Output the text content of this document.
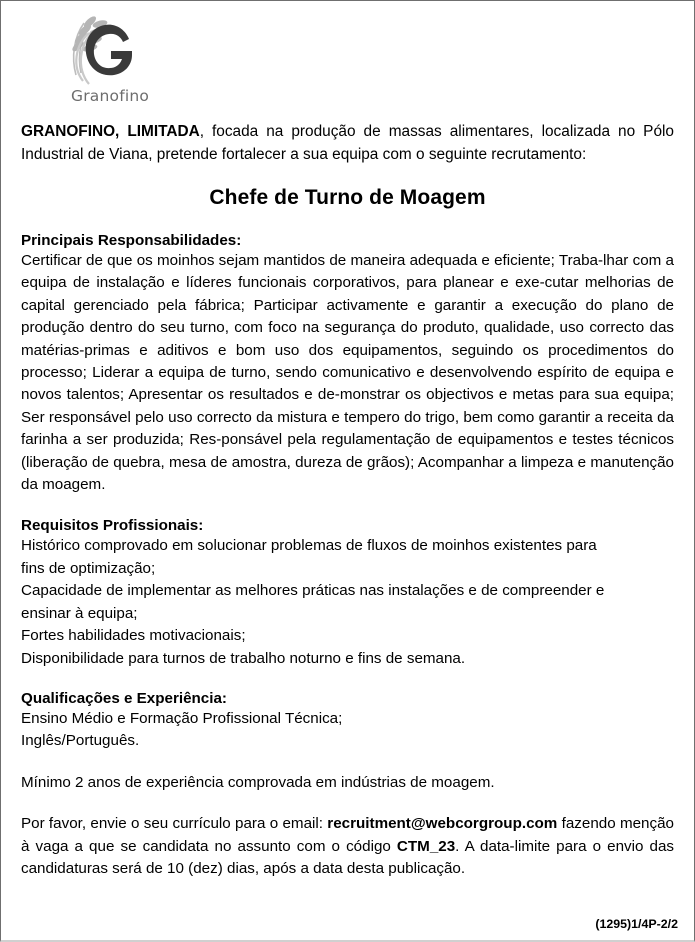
Granofino

GRANOFINO, LIMITADA, focada na produção de massas alimentares, localizada no Pólo Industrial de Viana, pretende fortalecer a sua equipa com o seguinte recrutamento:

Chefe de Turno de Moagem
Principais Responsabilidades:

Certificar de que os moinhos sejam mantidos de maneira adequada e eficiente; Traba-lhar com a equipa de instalação e líderes funcionais corporativos, para planear e exe-cutar melhorias de capital gerenciado pela fábrica; Participar activamente e garantir a execução do plano de produção dentro do seu turno, com foco na segurança do produto, qualidade, uso correcto das matérias-primas e aditivos e bom uso dos equipamentos, seguindo os procedimentos do processo; Liderar a equipa de turno, sendo comunicativo e desenvolvendo espírito de equipa e novos talentos; Apresentar os resultados e de-monstrar os objectivos e metas para sua equipa; Ser responsável pelo uso correcto da mistura e tempero do trigo, bem como garantir a receita da farinha a ser produzida; Res-ponsável pela regulamentação de equipamentos e testes técnicos (liberação de quebra, mesa de amostra, dureza de grãos); Acompanhar a limpeza e manutenção da moagem.

Requisitos Profissionais:
Histórico comprovado em solucionar problemas de fluxos de moinhos existentes para
fins de optimização;
Capacidade de implementar as melhores práticas nas instalações e de compreender e
ensinar à equipa;
Fortes habilidades motivacionais;
Disponibilidade para turnos de trabalho noturno e fins de semana.
Qualificações e Experiência:
Ensino Médio e Formação Profissional Técnica;
Inglês/Português.

Mínimo 2 anos de experiência comprovada em indústrias de moagem.

Por favor, envie o seu currículo para o email: recruitment@webcorgroup.com fazendo menção à vaga a que se candidata no assunto com o código CTM_23. A data-limite para o envio das candidaturas será de 10 (dez) dias, após a data desta publicação.

(1295)1/4P-2/2
